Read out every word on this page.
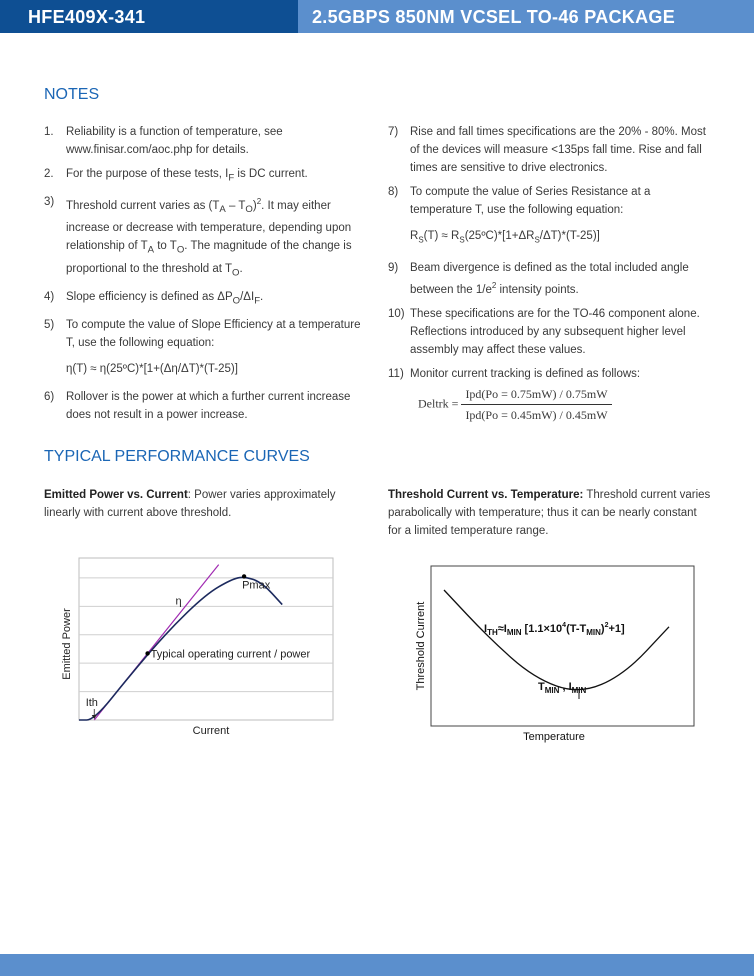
HFE409X-341	2.5GBPS 850NM VCSEL TO-46 PACKAGE
NOTES
1. Reliability is a function of temperature, see www.finisar.com/aoc.php for details.
2. For the purpose of these tests, $I_F$ is DC current.
3) Threshold current varies as $(T_A - T_O)^2$. It may either increase or decrease with temperature, depending upon relationship of $T_A$ to $T_O$. The magnitude of the change is proportional to the threshold at $T_O$.
4) Slope efficiency is defined as $\Delta P_O/\Delta I_F$.
5) To compute the value of Slope Efficiency at a temperature T, use the following equation:
η(T) ≈ η(25ºC)*[1+(Δη/ΔT)*(T-25)]
6) Rollover is the power at which a further current increase does not result in a power increase.
7) Rise and fall times specifications are the 20% - 80%. Most of the devices will measure <135ps fall time. Rise and fall times are sensitive to drive electronics.
8) To compute the value of Series Resistance at a temperature T, use the following equation:
$R_S(T)$ ≈ $R_S(25ºC)*[1+\Delta R_S/\Delta T)*(T-25)$]
9) Beam divergence is defined as the total included angle between the $1/e^2$ intensity points.
10) These specifications are for the TO-46 component alone. Reflections introduced by any subsequent higher level assembly may affect these values.
11) Monitor current tracking is defined as follows:
Deltrk = $\frac{\text{Ipd(Po = 0.75mW) / 0.75mW}}{\text{Ipd(Po = 0.45mW) / 0.45mW}}$
TYPICAL PERFORMANCE CURVES
Emitted Power vs. Current: Power varies approximately linearly with current above threshold.
Threshold Current vs. Temperature: Threshold current varies parabolically with temperature; thus it can be nearly constant for a limited temperature range.
Pmax
η
Typical operating current / power
Ith
Current
Emitted Power	$I_{TH}\approx I_{MIN}$ $[1.1\times 10^4(T-T_{MIN})^2+1]$
$T_{MIN}$ , $I_{MIN}$
Temperature
Threshold Current
